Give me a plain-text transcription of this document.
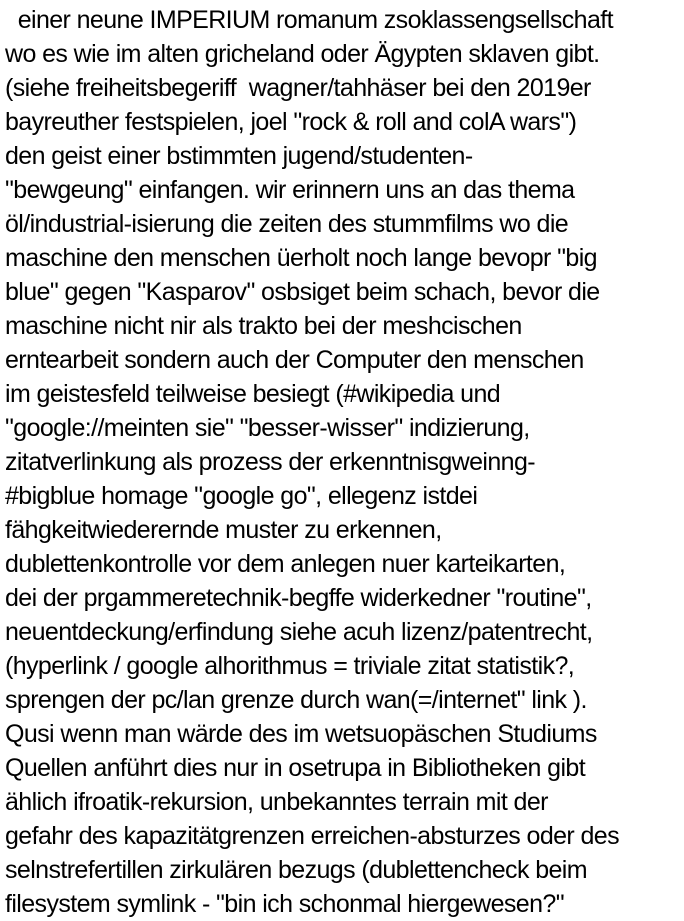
einer neune IMPERIUM romanum zsoklassengsellschaft
wo es wie im alten gricheland oder Ägypten sklaven gibt.
(siehe freiheitsbegeriff  wagner/tahhäser bei den 2019er
bayreuther festspielen, joel "rock & roll and colA wars")
den geist einer bstimmten jugend/studenten-
"bewgeung" einfangen. wir erinnern uns an das thema
öl/industrial-isierung die zeiten des stummfilms wo die
maschine den menschen üerholt noch lange bevopr "big
blue" gegen "Kasparov" osbsiget beim schach, bevor die
maschine nicht nir als trakto bei der meshcischen
erntearbeit sondern auch der Computer den menschen
im geistesfeld teilweise besiegt (#wikipedia und
"google://meinten sie" "besser-wisser" indizierung,
zitatverlinkung als prozess der erkenntnisgweinng-
#bigblue homage "google go", ellegenz istdei
fähgkeitwiederernde muster zu erkennen,
dublettenkontrolle vor dem anlegen nuer karteikarten,
dei der prgammeretechnik-begffe widerkedner "routine",
neuentdeckung/erfindung siehe acuh lizenz/patentrecht,
(hyperlink / google alhorithmus = triviale zitat statistik?,
sprengen der pc/lan grenze durch wan(=/internet" link ).
Qusi wenn man wärde des im wetsuopäschen Studiums
Quellen anführt dies nur in osetrupa in Bibliotheken gibt
ählich ifroatik-rekursion, unbekanntes terrain mit der
gefahr des kapazitätgrenzen erreichen-absturzes oder des
selnstrefertillen zirkulären bezugs (dublettencheck beim
filesystem symlink - "bin ich schonmal hiergewesen?"
